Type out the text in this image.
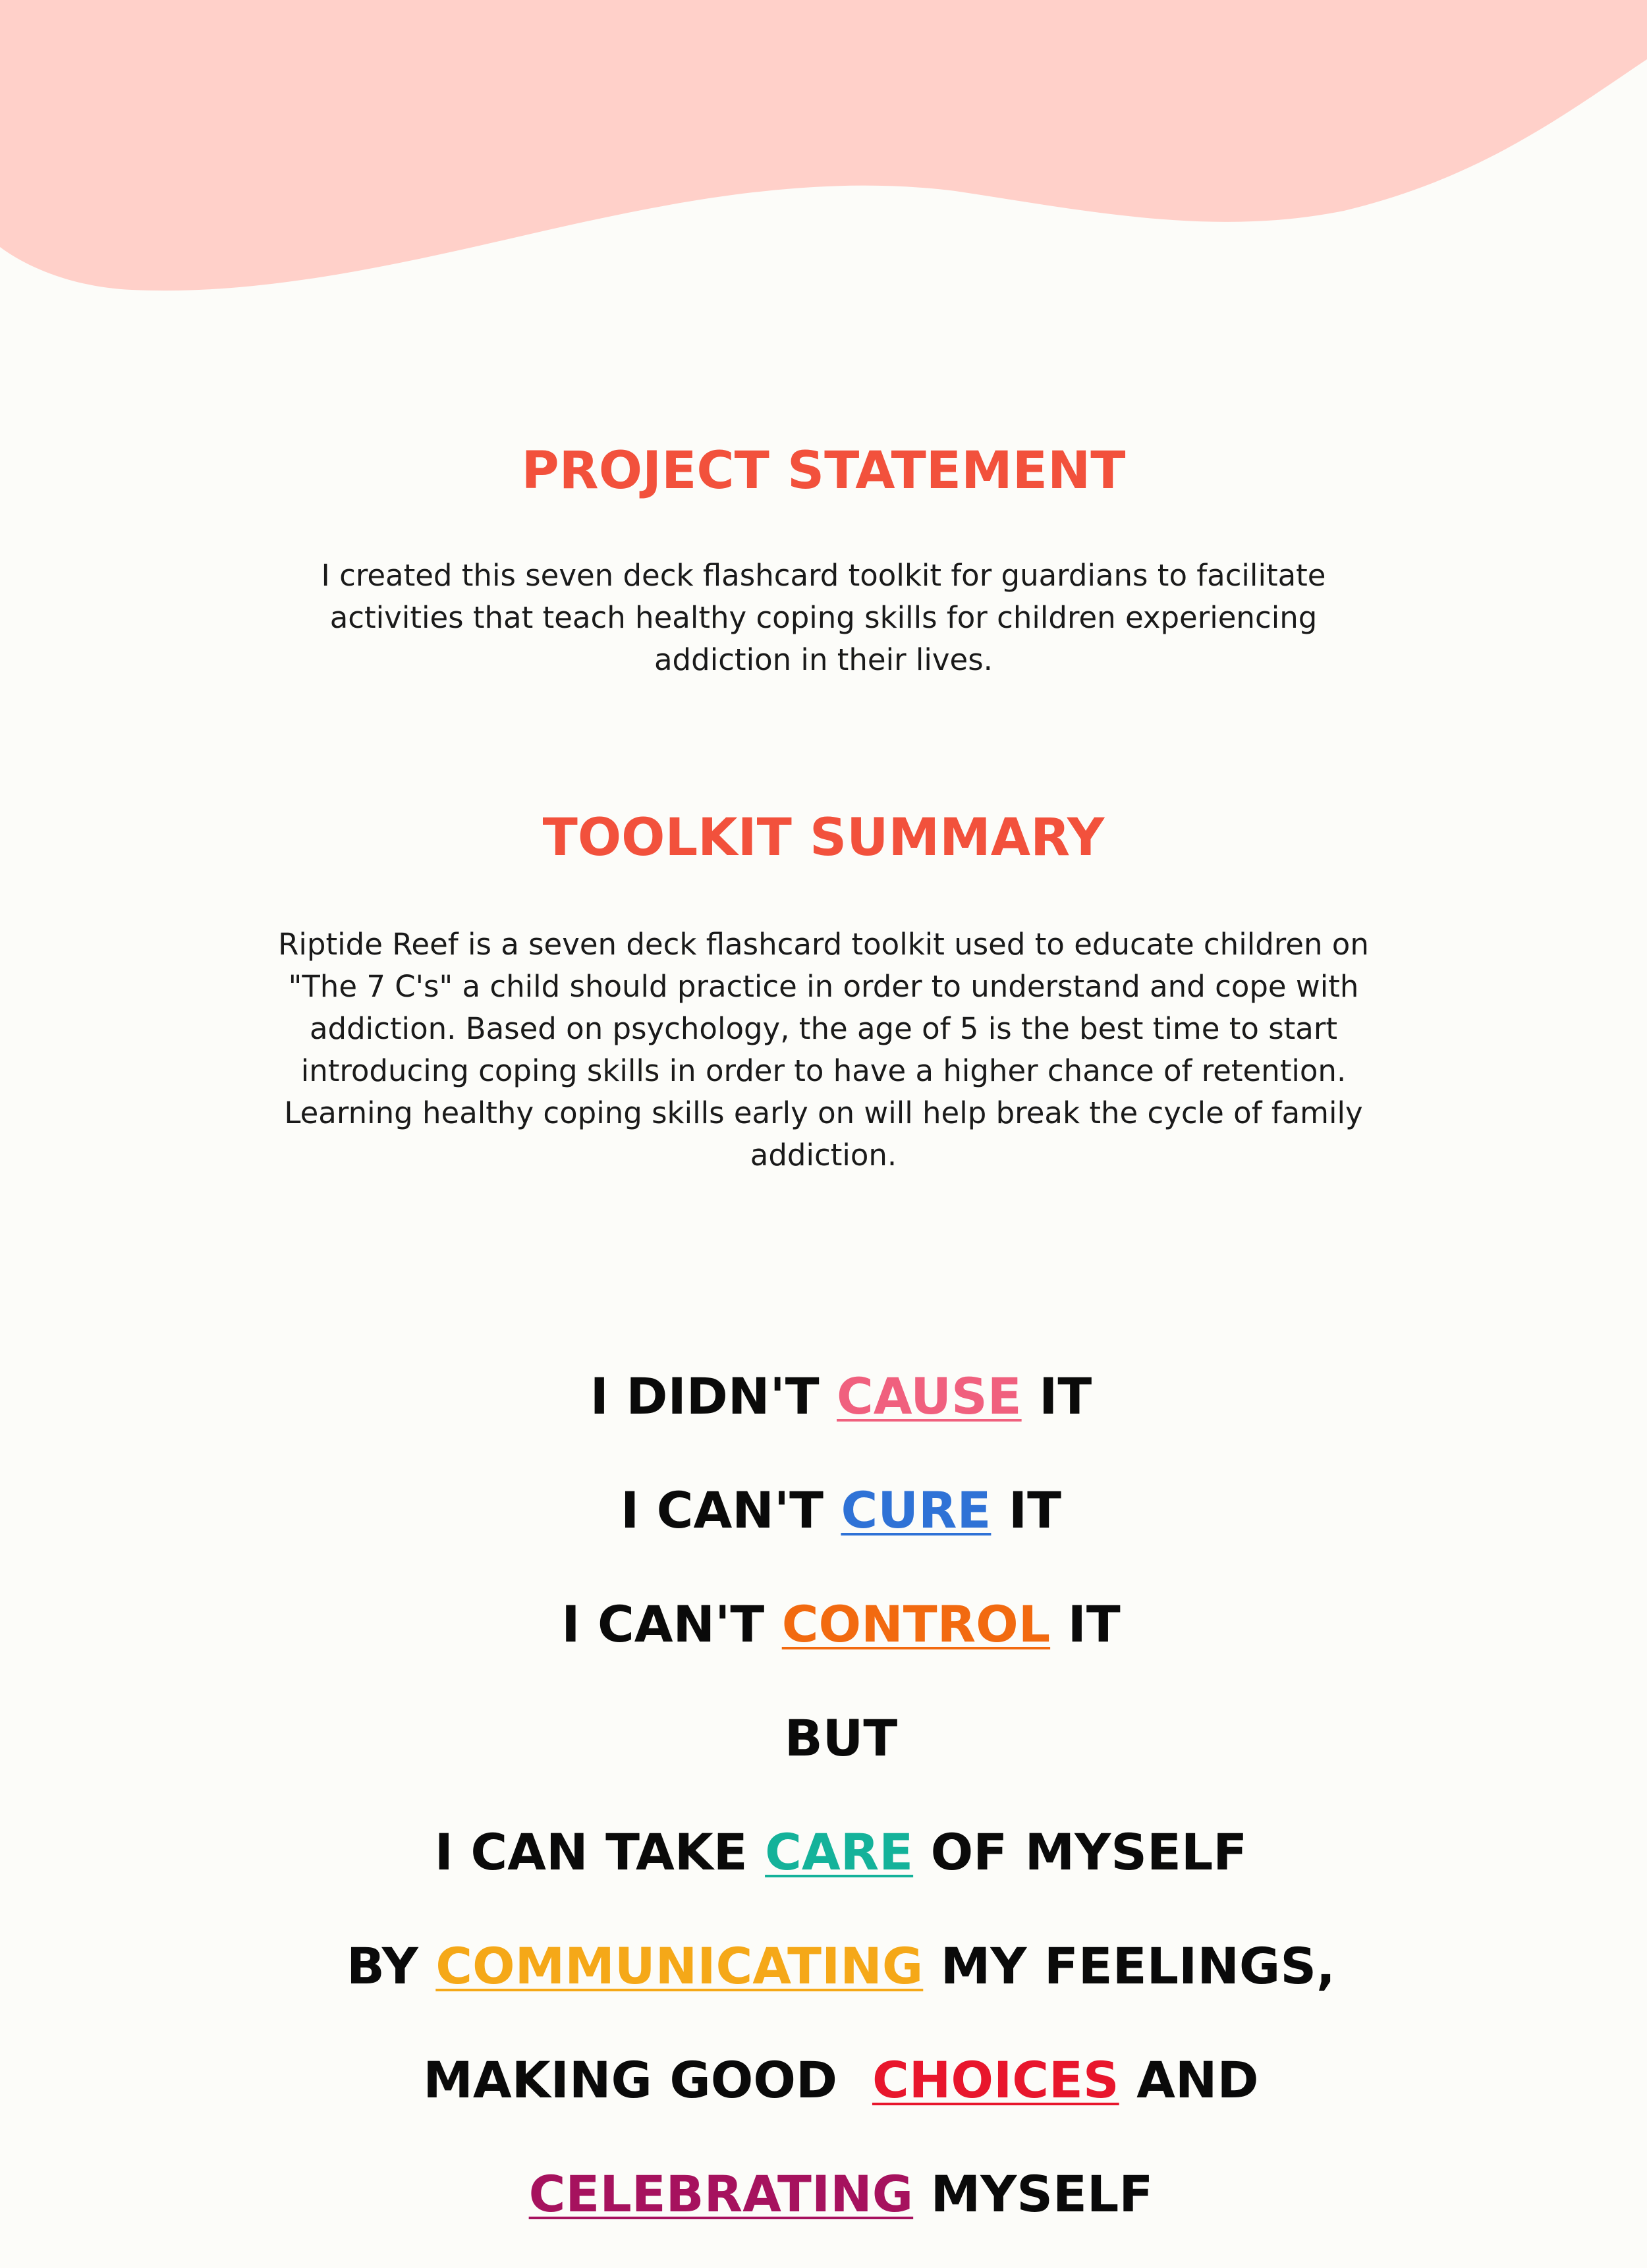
PROJECT STATEMENT

I created this seven deck flashcard toolkit for guardians to facilitate activities that teach healthy coping skills for children experiencing addiction in their lives.

TOOLKIT SUMMARY

Riptide Reef is a seven deck flashcard toolkit used to educate children on "The 7 C's" a child should practice in order to understand and cope with addiction. Based on psychology, the age of 5 is the best time to start introducing coping skills in order to have a higher chance of retention. Learning healthy coping skills early on will help break the cycle of family addiction.

I DIDN'T CAUSE IT

I CAN'T CURE IT

I CAN'T CONTROL IT

BUT

I CAN TAKE CARE OF MYSELF

BY COMMUNICATING MY FEELINGS,

MAKING GOOD  CHOICES AND

CELEBRATING MYSELF
